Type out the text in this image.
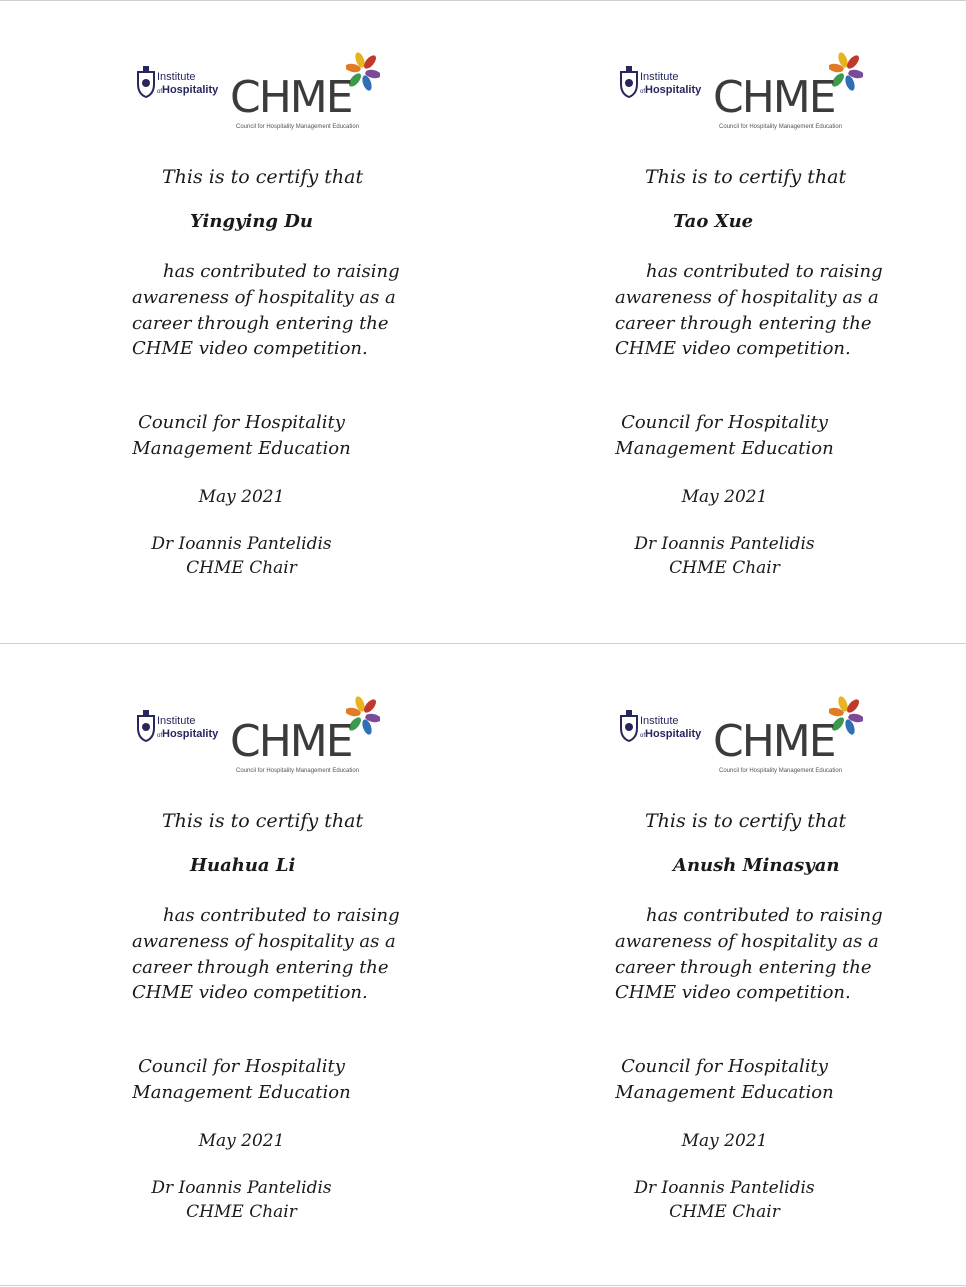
Institute
ofHospitality CHME
Council for Hospitality Management Education
This is to certify that
Yingying Du
has contributed to raising
awareness of hospitality as a
career through entering the
CHME video competition.
Council for Hospitality
Management Education
May 2021
Dr Ioannis Pantelidis
CHME Chair
Institute
ofHospitality CHME
Council for Hospitality Management Education
This is to certify that
Tao Xue
has contributed to raising
awareness of hospitality as a
career through entering the
CHME video competition.
Council for Hospitality
Management Education
May 2021
Dr Ioannis Pantelidis
CHME Chair
Institute
ofHospitality CHME
Council for Hospitality Management Education
This is to certify that
Huahua Li
has contributed to raising
awareness of hospitality as a
career through entering the
CHME video competition.
Council for Hospitality
Management Education
May 2021
Dr Ioannis Pantelidis
CHME Chair
Institute
ofHospitality CHME
Council for Hospitality Management Education
This is to certify that
Anush Minasyan
has contributed to raising
awareness of hospitality as a
career through entering the
CHME video competition.
Council for Hospitality
Management Education
May 2021
Dr Ioannis Pantelidis
CHME Chair
